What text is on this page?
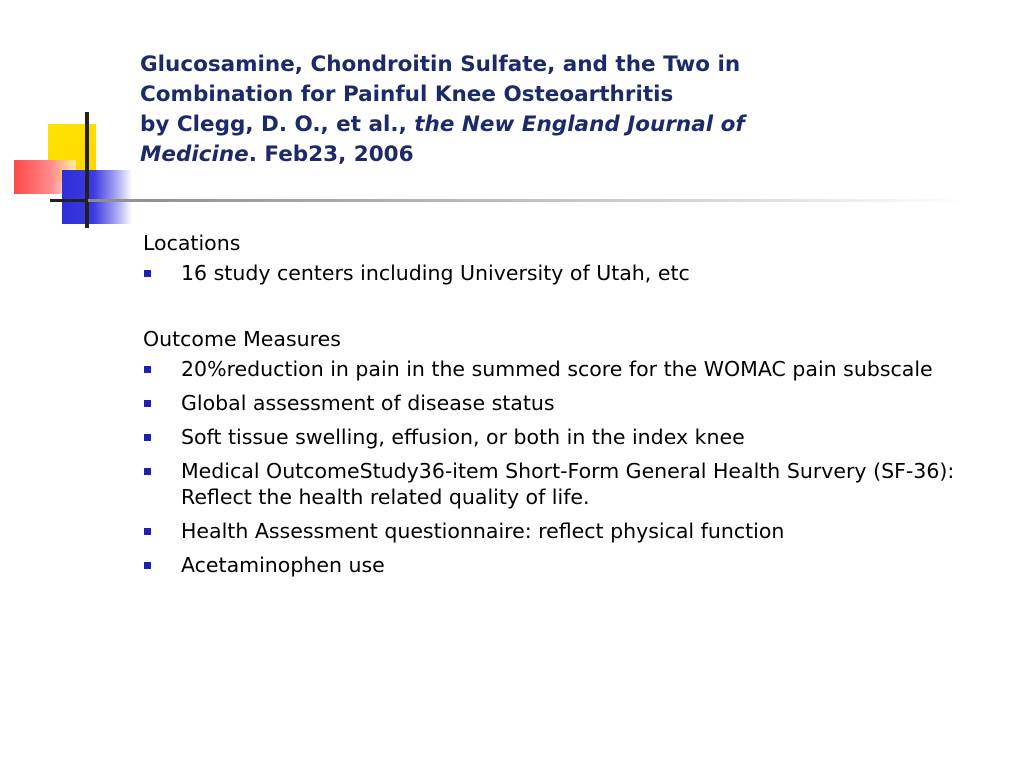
Glucosamine, Chondroitin Sulfate, and the Two in
Combination for Painful Knee Osteoarthritis
by Clegg, D. O., et al., the New England Journal of
Medicine. Feb23, 2006
Locations
16 study centers including University of Utah, etc
Outcome Measures
20%reduction in pain in the summed score for the WOMAC pain subscale
Global assessment of disease status
Soft tissue swelling, effusion, or both in the index knee
Medical OutcomeStudy36-item Short-Form General Health Survery (SF-36): Reflect the health related quality of life.
Health Assessment questionnaire: reflect physical function
Acetaminophen use
